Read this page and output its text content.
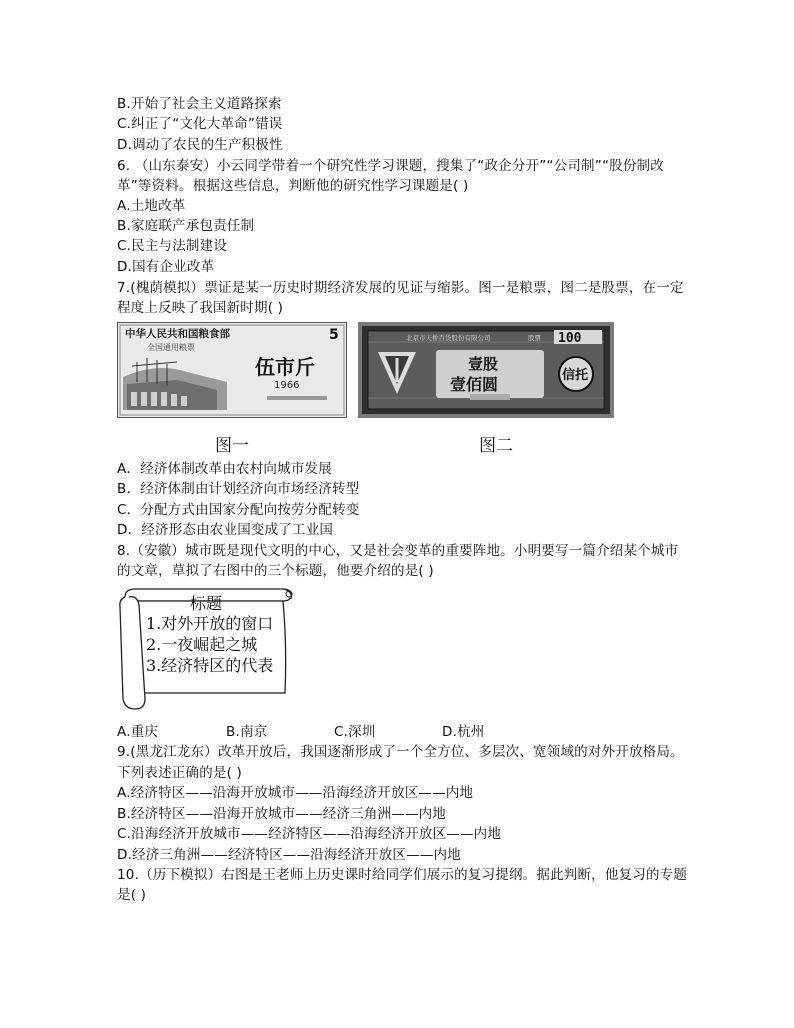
B.开始了社会主义道路探索
C.纠正了“文化大革命”错误
D.调动了农民的生产积极性
6. （山东泰安）小云同学带着一个研究性学习课题，搜集了“政企分开”“公司制”“股份制改
革”等资料。根据这些信息，判断他的研究性学习课题是( )
A.土地改革
B.家庭联产承包责任制
C.民主与法制建设
D.国有企业改革
7.(槐荫模拟）票证是某一历史时期经济发展的见证与缩影。图一是粮票，图二是股票，在一定
程度上反映了我国新时期( )
中华人民共和国粮食部
全国通用粮票
5
伍市斤
1966
北京市天桥百货股份有限公司	股票 100
壹股
壹佰圆	信托
图一	图二
A．经济体制改革由农村向城市发展
B．经济体制由计划经济向市场经济转型
C．分配方式由国家分配向按劳分配转变
D．经济形态由农业国变成了工业国
8.（安徽）城市既是现代文明的中心，又是社会变革的重要阵地。小明要写一篇介绍某个城市
的文章，草拟了右图中的三个标题，他要介绍的是( )
标题
1.对外开放的窗口
2.一夜崛起之城
3.经济特区的代表
A.重庆	B.南京	C.深圳	D.杭州
9.(黑龙江龙东）改革开放后，我国逐渐形成了一个全方位、多层次、宽领域的对外开放格局。
下列表述正确的是( )
A.经济特区——沿海开放城市——沿海经济开放区——内地
B.经济特区——沿海开放城市——经济三角洲——内地
C.沿海经济开放城市——经济特区——沿海经济开放区——内地
D.经济三角洲——经济特区——沿海经济开放区——内地
10.（历下模拟）右图是王老师上历史课时给同学们展示的复习提纲。据此判断，他复习的专题
是( )
